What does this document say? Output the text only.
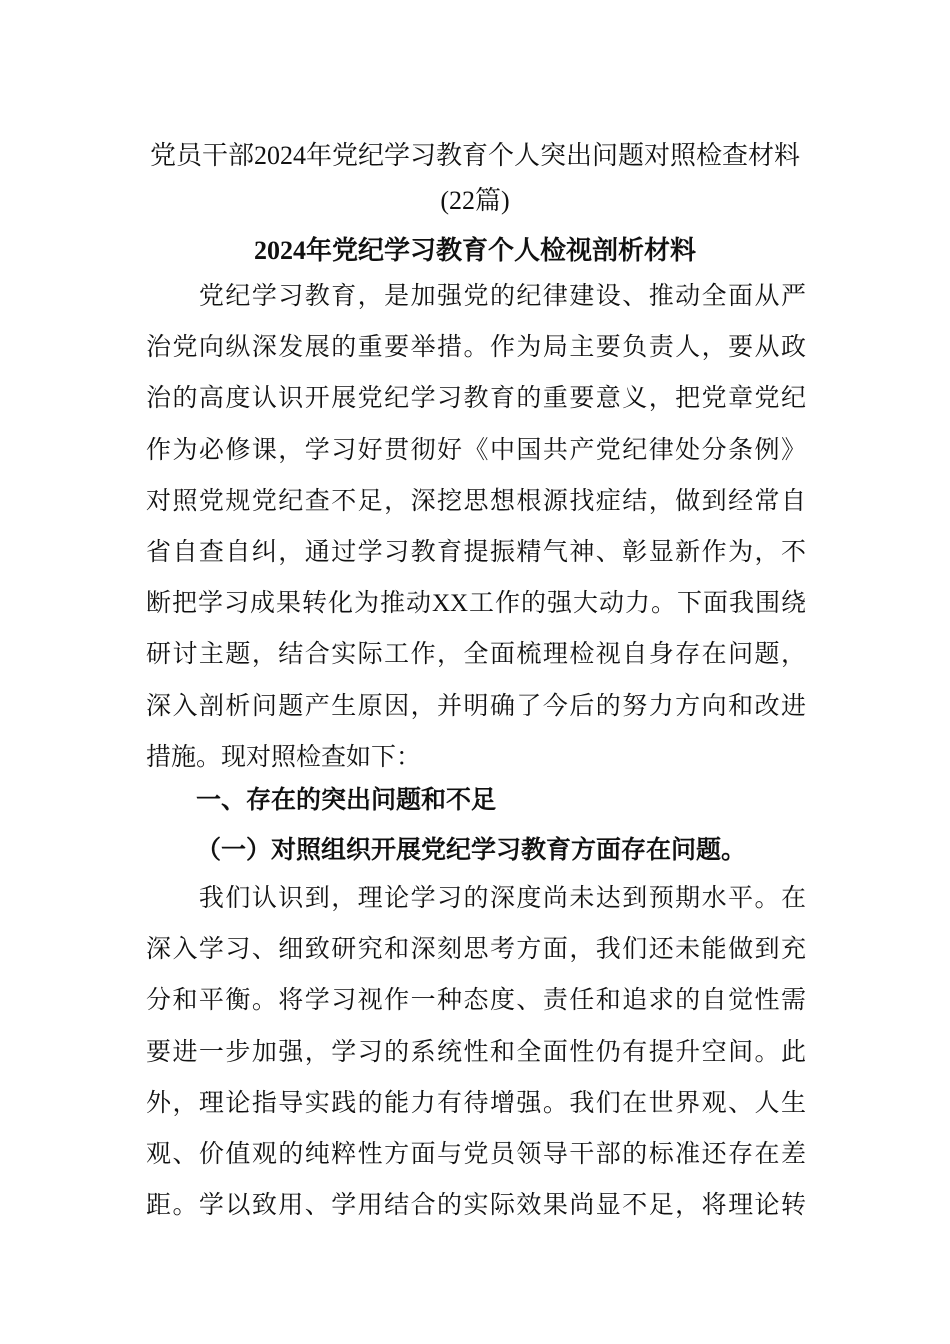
党员干部2024年党纪学习教育个人突出问题对照检查材料
(22篇)
2024年党纪学习教育个人检视剖析材料
　　党纪学习教育，是加强党的纪律建设、推动全面从严
治党向纵深发展的重要举措。作为局主要负责人，要从政
治的高度认识开展党纪学习教育的重要意义，把党章党纪
作为必修课，学习好贯彻好《中国共产党纪律处分条例》
对照党规党纪查不足，深挖思想根源找症结，做到经常自
省自查自纠，通过学习教育提振精气神、彰显新作为，不
断把学习成果转化为推动XX工作的强大动力。下面我围绕
研讨主题，结合实际工作，全面梳理检视自身存在问题，
深入剖析问题产生原因，并明确了今后的努力方向和改进
措施。现对照检查如下：
一、存在的突出问题和不足
（一）对照组织开展党纪学习教育方面存在问题。
　　我们认识到，理论学习的深度尚未达到预期水平。在
深入学习、细致研究和深刻思考方面，我们还未能做到充
分和平衡。将学习视作一种态度、责任和追求的自觉性需
要进一步加强，学习的系统性和全面性仍有提升空间。此
外，理论指导实践的能力有待增强。我们在世界观、人生
观、价值观的纯粹性方面与党员领导干部的标准还存在差
距。学以致用、学用结合的实际效果尚显不足，将理论转
